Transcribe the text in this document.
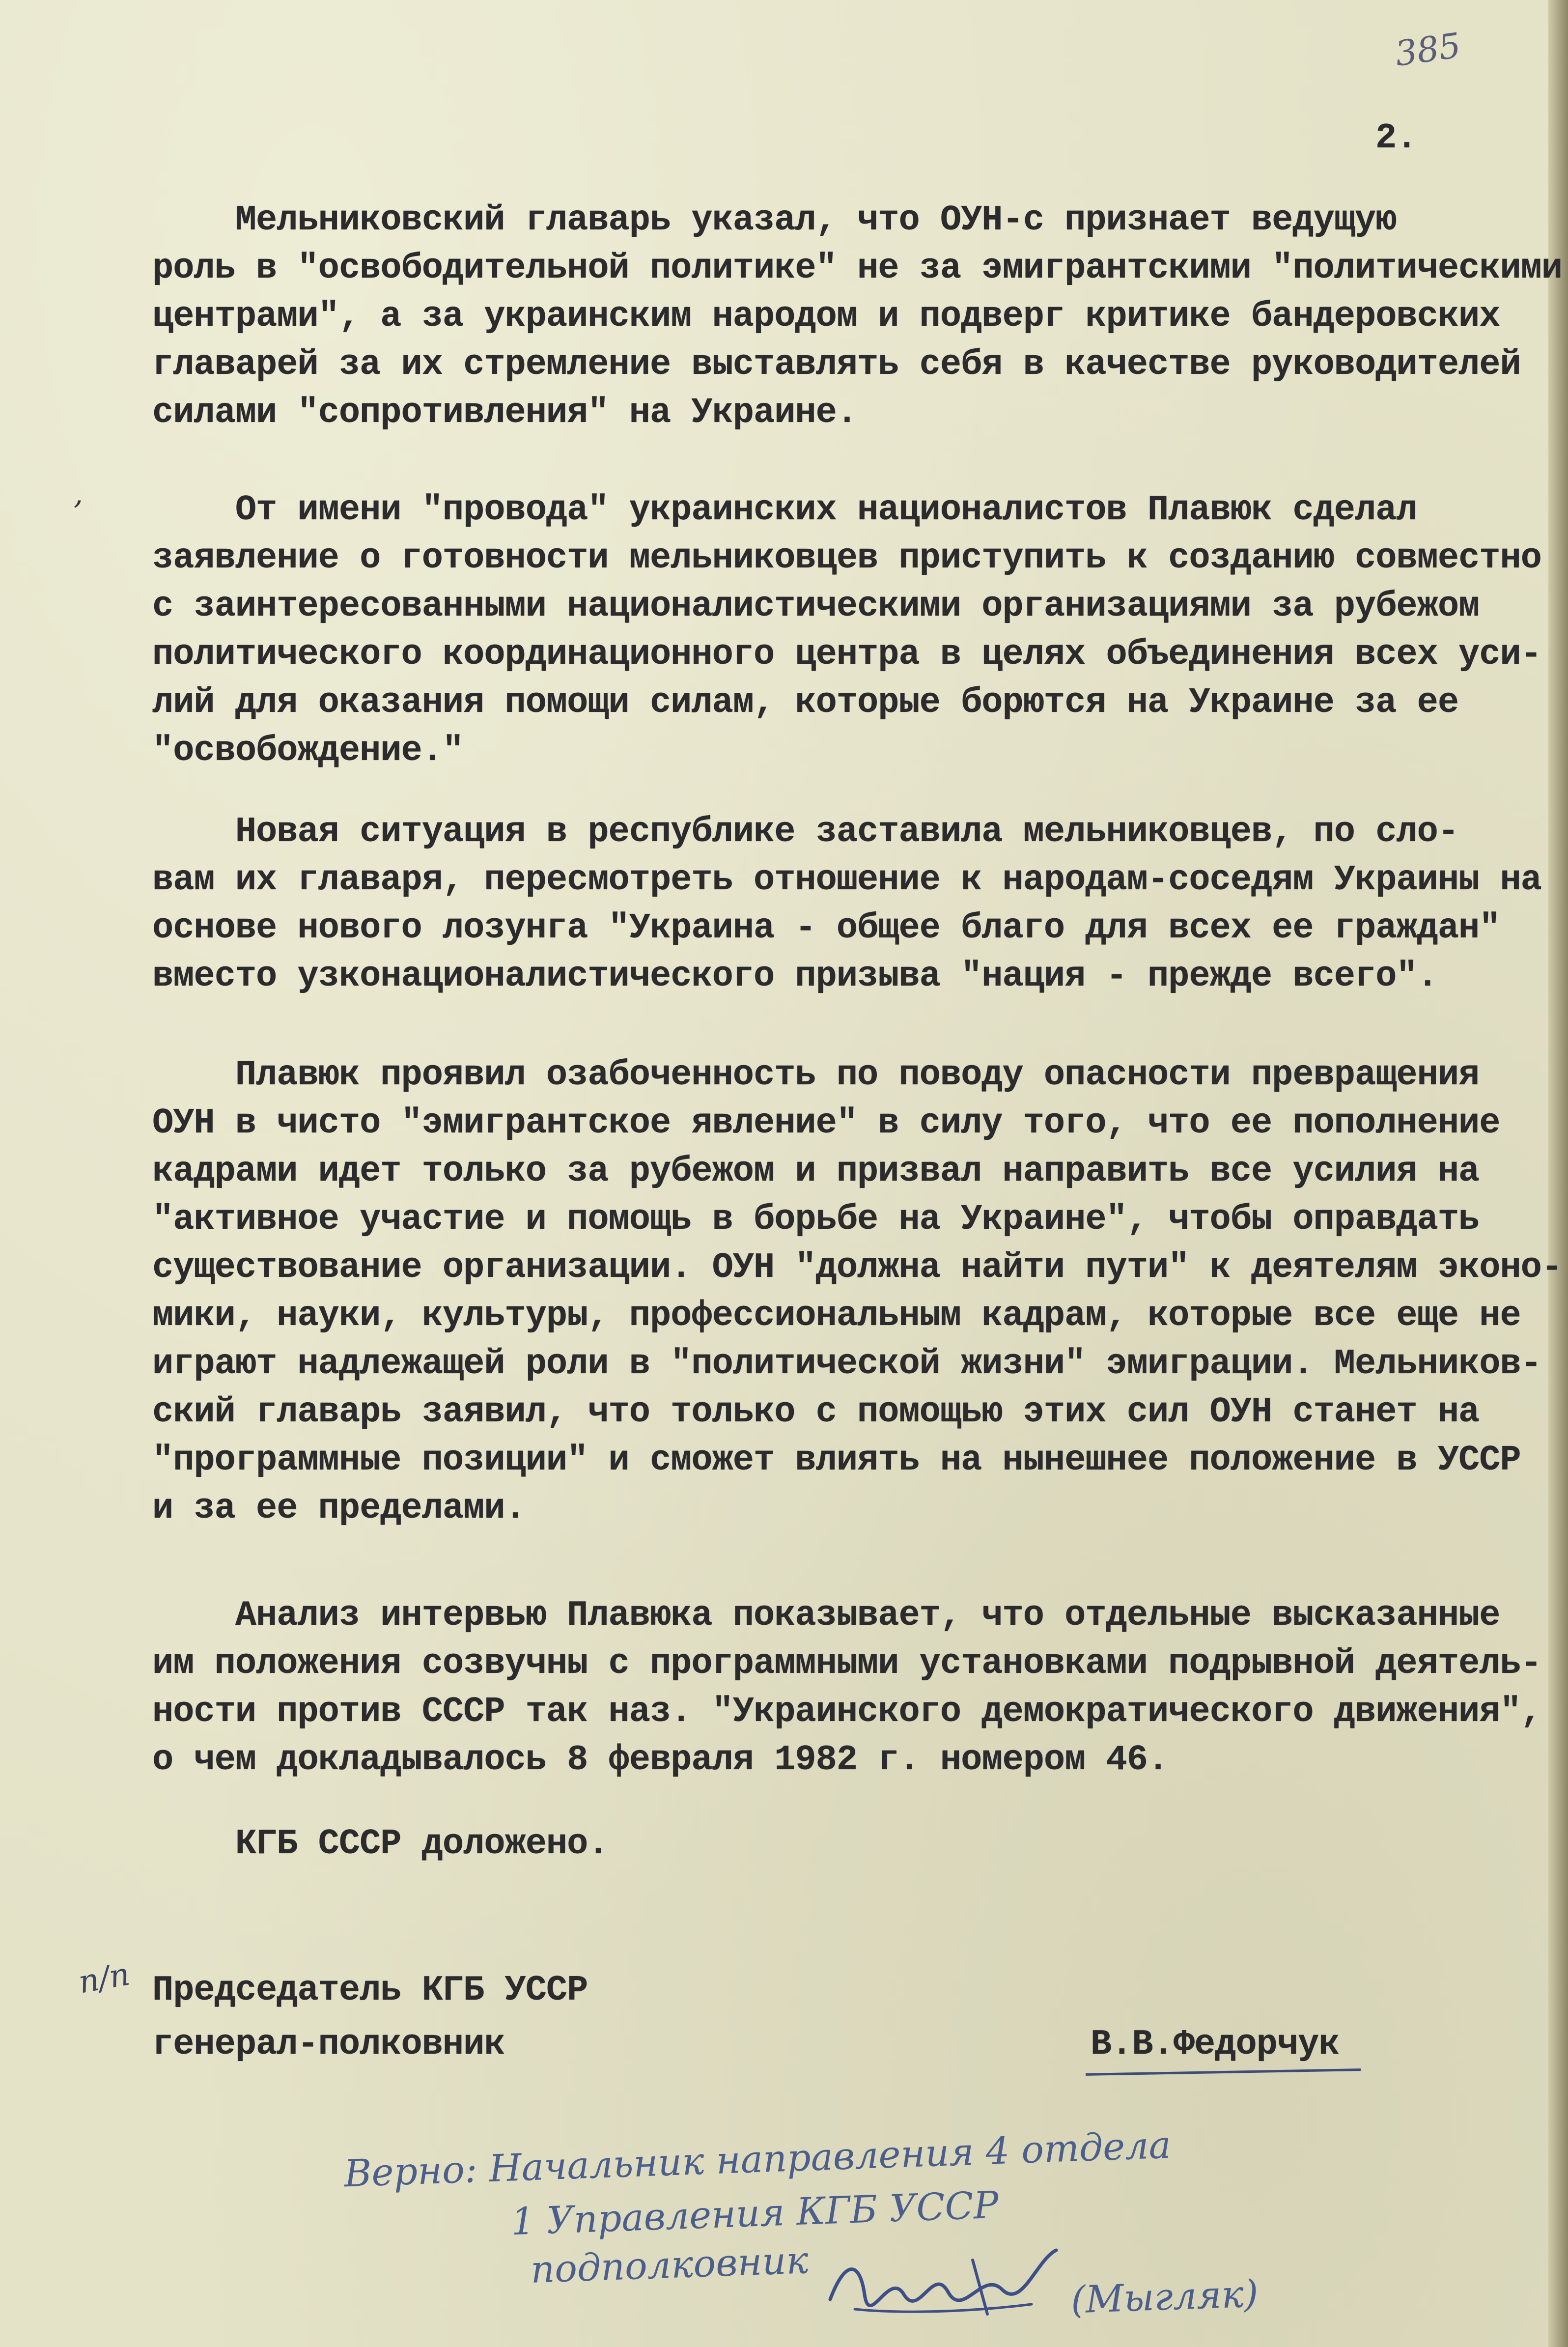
385
2.
,

Мельниковский главарь указал, что ОУН-с признает ведущую

роль в "освободительной политике" не за эмигрантскими "политическими

центрами", а за украинским народом и подверг критике бандеровских

главарей за их стремление выставлять себя в качестве руководителей

силами "сопротивления" на Украине.

От имени "провода" украинских националистов Плавюк сделал

заявление о готовности мельниковцев приступить к созданию совместно

с заинтересованными националистическими организациями за рубежом

политического координационного центра в целях объединения всех уси-

лий для оказания помощи силам, которые борются на Украине за ее

"освобождение."

Новая ситуация в республике заставила мельниковцев, по сло-

вам их главаря, пересмотреть отношение к народам-соседям Украины на

основе нового лозунга "Украина - общее благо для всех ее граждан"

вместо узконационалистического призыва "нация - прежде всего".

Плавюк проявил озабоченность по поводу опасности превращения

ОУН в чисто "эмигрантское явление" в силу того, что ее пополнение

кадрами идет только за рубежом и призвал направить все усилия на

"активное участие и помощь в борьбе на Украине", чтобы оправдать

существование организации. ОУН "должна найти пути" к деятелям эконо-

мики, науки, культуры, профессиональным кадрам, которые все еще не

играют надлежащей роли в "политической жизни" эмиграции. Мельников-

ский главарь заявил, что только с помощью этих сил ОУН станет на

"программные позиции" и сможет влиять на нынешнее положение в УССР

и за ее пределами.

Анализ интервью Плавюка показывает, что отдельные высказанные

им положения созвучны с программными установками подрывной деятель-

ности против СССР так наз. "Украинского демократического движения",

о чем докладывалось 8 февраля 1982 г. номером 46.

КГБ СССР доложено.

п/п Председатель КГБ УССР
генерал-полковник	В.В.Федорчук
Верно: Начальник направления 4 отдела
1 Управления КГБ УССР
подполковник
(Мыгляк)
